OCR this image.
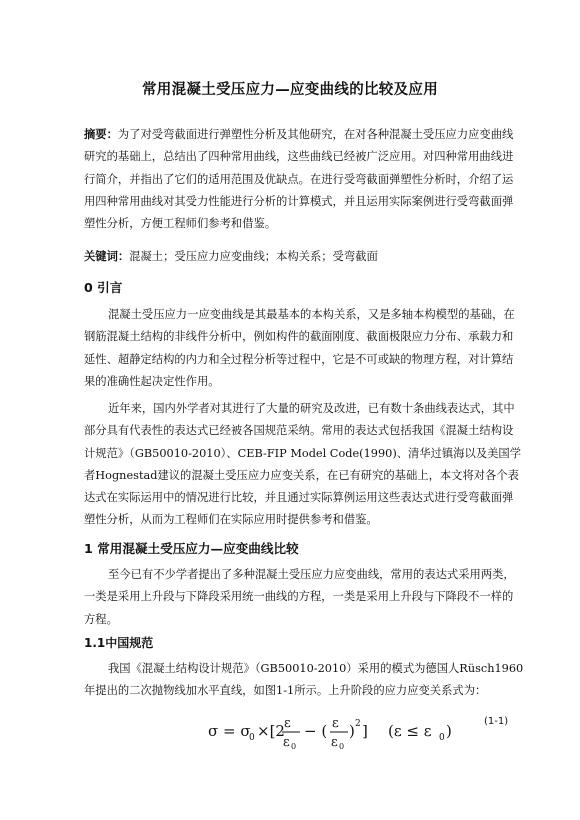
常用混凝土受压应力—应变曲线的比较及应用
摘要：为了对受弯截面进行弹塑性分析及其他研究，在对各种混凝土受压应力应变曲线研究的基础上，总结出了四种常用曲线，这些曲线已经被广泛应用。对四种常用曲线进行简介，并指出了它们的适用范围及优缺点。在进行受弯截面弹塑性分析时，介绍了运用四种常用曲线对其受力性能进行分析的计算模式，并且运用实际案例进行受弯截面弹塑性分析，方便工程师们参考和借鉴。
关键词：混凝土；受压应力应变曲线；本构关系；受弯截面
0 引言
混凝土受压应力一应变曲线是其最基本的本构关系，又是多轴本构模型的基础，在钢筋混凝土结构的非线件分析中，例如构件的截面刚度、截面极限应力分布、承载力和延性、超静定结构的内力和全过程分析等过程中，它是不可或缺的物理方程，对计算结果的准确性起决定性作用。
近年来，国内外学者对其进行了大量的研究及改进，已有数十条曲线表达式，其中部分具有代表性的表达式已经被各国规范采纳。常用的表达式包括我国《混凝土结构设计规范》（GB50010-2010）、CEB-FIP Model Code(1990)、清华过镇海以及美国学者Hognestad建议的混凝土受压应力应变关系，在已有研究的基础上，本文将对各个表达式在实际运用中的情况进行比较，并且通过实际算例运用这些表达式进行受弯截面弹塑性分析，从而为工程师们在实际应用时提供参考和借鉴。
1 常用混凝土受压应力—应变曲线比较
至今已有不少学者提出了多种混凝土受压应力应变曲线，常用的表达式采用两类，一类是采用上升段与下降段采用统一曲线的方程，一类是采用上升段与下降段不一样的方程。
1.1中国规范
我国《混凝土结构设计规范》（GB50010-2010）采用的模式为德国人Rüsch1960年提出的二次抛物线加水平直线，如图1-1所示。上升阶段的应力应变关系式为：
σ = σ
0 ×[2 ε
ε 0
− ( ε
ε 0
) 2 ] (ε ≤ ε 0 )
(1-1)
